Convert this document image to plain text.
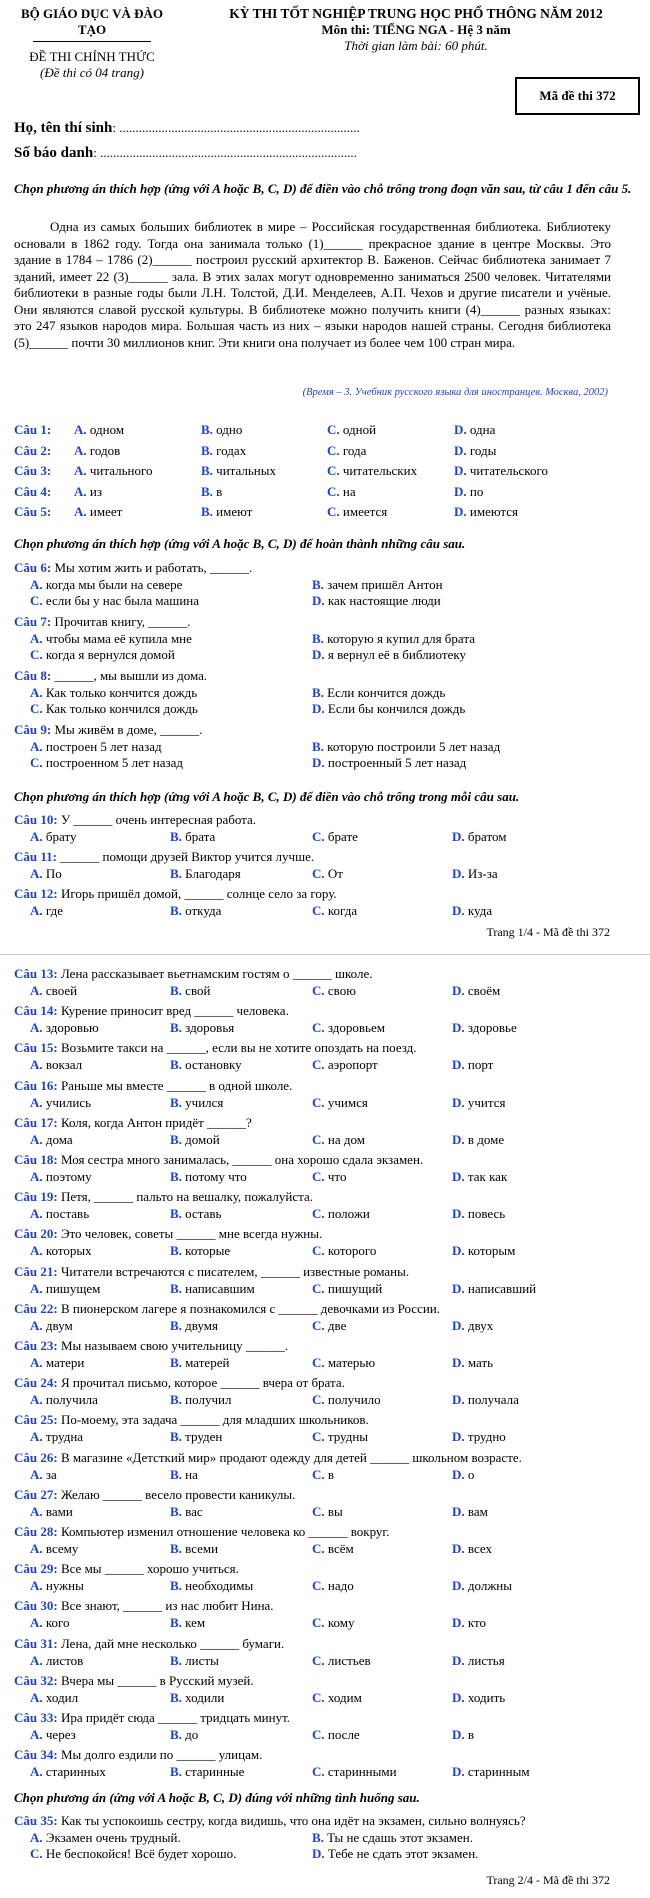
BỘ GIÁO DỤC VÀ ĐÀO TẠO
ĐỀ THI CHÍNH THỨC
(Đề thi có 04 trang)
KỲ THI TỐT NGHIỆP TRUNG HỌC PHỔ THÔNG NĂM 2012
Môn thi: TIẾNG NGA - Hệ 3 năm
Thời gian làm bài: 60 phút.
Mã đề thi 372
Họ, tên thí sinh: ..........................................................................
Số báo danh: ...............................................................................
Chọn phương án thích hợp (ứng với A hoặc B, C, D) để điền vào chỗ trống trong đoạn văn sau, từ câu 1 đến câu 5.
Одна из самых больших библиотек в мире – Российская государственная библиотека. Библиотеку основали в 1862 году. Тогда она занимала только (1)______ прекрасное здание в центре Москвы. Это здание в 1784 – 1786 (2)______ построил русский архитектор В. Баженов. Сейчас библиотека занимает 7 зданий, имеет 22 (3)______ зала. В этих залах могут одновременно заниматься 2500 человек. Читателями библиотеки в разные годы были Л.Н. Толстой, Д.И. Менделеев, А.П. Чехов и другие писатели и учёные. Они являются славой русской культуры. В библиотеке можно получить книги (4)______ разных языках: это 247 языков народов мира. Большая часть из них – языки народов нашей страны. Сегодня библиотека (5)______ почти 30 миллионов книг. Эти книги она получает из более чем 100 стран мира.
(Время – 3. Учебник русского языка для иностранцев. Москва, 2002)
Câu 1: A. одном	B. одно	C. одной	D. одна
Câu 2: A. годов	B. годах	C. года	D. годы
Câu 3: A. читального	B. читальных	C. читательских	D. читательского
Câu 4: A. из	B. в	C. на	D. по
Câu 5: A. имеет	B. имеют	C. имеется	D. имеются
Chọn phương án thích hợp (ứng với A hoặc B, C, D) để hoàn thành những câu sau.
Câu 6: Мы хотим жить и работать, ______.
A. когда мы были на севере	B. зачем пришёл Антон
C. если бы у нас была машина	D. как настоящие люди
Câu 7: Прочитав книгу, ______.
A. чтобы мама её купила мне	B. которую я купил для брата
C. когда я вернулся домой	D. я вернул её в библиотеку
Câu 8: ______, мы вышли из дома.
A. Как только кончится дождь	B. Если кончится дождь
C. Как только кончился дождь	D. Если бы кончился дождь
Câu 9: Мы живём в доме, ______.
A. построен 5 лет назад	B. которую построили 5 лет назад
C. построенном 5 лет назад	D. построенный 5 лет назад
Chọn phương án thích hợp (ứng với A hoặc B, C, D) để điền vào chỗ trống trong mỗi câu sau.
Câu 10: У ______ очень интересная работа.
A. брату	B. брата	C. брате	D. братом
Câu 11: ______ помощи друзей Виктор учится лучше.
A. По	B. Благодаря	C. От	D. Из-за
Câu 12: Игорь пришёл домой, ______ солнце село за гору.
A. где	B. откуда	C. когда	D. куда
Trang 1/4 - Mã đề thi 372
Câu 13: Лена рассказывает вьетнамским гостям о ______ школе.
A. своей	B. свой	C. свою	D. своём
Câu 14: Курение приносит вред ______ человека.
A. здоровью	B. здоровья	C. здоровьем	D. здоровье
Câu 15: Возьмите такси на ______, если вы не хотите опоздать на поезд.
A. вокзал	B. остановку	C. аэропорт	D. порт
Câu 16: Раньше мы вместе ______ в одной школе.
A. учились	B. учился	C. учимся	D. учится
Câu 17: Коля, когда Антон придёт ______?
A. дома	B. домой	C. на дом	D. в доме
Câu 18: Моя сестра много занималась, ______ она хорошо сдала экзамен.
A. поэтому	B. потому что	C. что	D. так как
Câu 19: Петя, ______ пальто на вешалку, пожалуйста.
A. поставь	B. оставь	C. положи	D. повесь
Câu 20: Это человек, советы ______ мне всегда нужны.
A. которых	B. которые	C. которого	D. которым
Câu 21: Читатели встречаются с писателем, ______ известные романы.
A. пишущем	B. написавшим	C. пишущий	D. написавший
Câu 22: В пионерском лагере я познакомился с ______ девочками из России.
A. двум	B. двумя	C. две	D. двух
Câu 23: Мы называем свою учительницу ______.
A. матери	B. матерей	C. матерью	D. мать
Câu 24: Я прочитал письмо, которое ______ вчера от брата.
A. получила	B. получил	C. получило	D. получала
Câu 25: По-моему, эта задача ______ для младших школьников.
A. трудна	B. труден	C. трудны	D. трудно
Câu 26: В магазине «Детсткий мир» продают одежду для детей ______ школьном возрасте.
A. за	B. на	C. в	D. о
Câu 27: Желаю ______ весело провести каникулы.
A. вами	B. вас	C. вы	D. вам
Câu 28: Компьютер изменил отношение человека ко ______ вокруг.
A. всему	B. всеми	C. всём	D. всех
Câu 29: Все мы ______ хорошо учиться.
A. нужны	B. необходимы	C. надо	D. должны
Câu 30: Все знают, ______ из нас любит Нина.
A. кого	B. кем	C. кому	D. кто
Câu 31: Лена, дай мне несколько ______ бумаги.
A. листов	B. листы	C. листьев	D. листья
Câu 32: Вчера мы ______ в Русский музей.
A. ходил	B. ходили	C. ходим	D. ходить
Câu 33: Ира придёт сюда ______ тридцать минут.
A. через	B. до	C. после	D. в
Câu 34: Мы долго ездили по ______ улицам.
A. старинных	B. старинные	C. старинными	D. старинным
Chọn phương án (ứng với A hoặc B, C, D) đúng với những tình huống sau.
Câu 35: Как ты успокоишь сестру, когда видишь, что она идёт на экзамен, сильно волнуясь?
A. Экзамен очень трудный.	B. Ты не сдашь этот экзамен.
C. Не беспокойся! Всё будет хорошо.	D. Тебе не сдать этот экзамен.
Trang 2/4 - Mã đề thi 372
